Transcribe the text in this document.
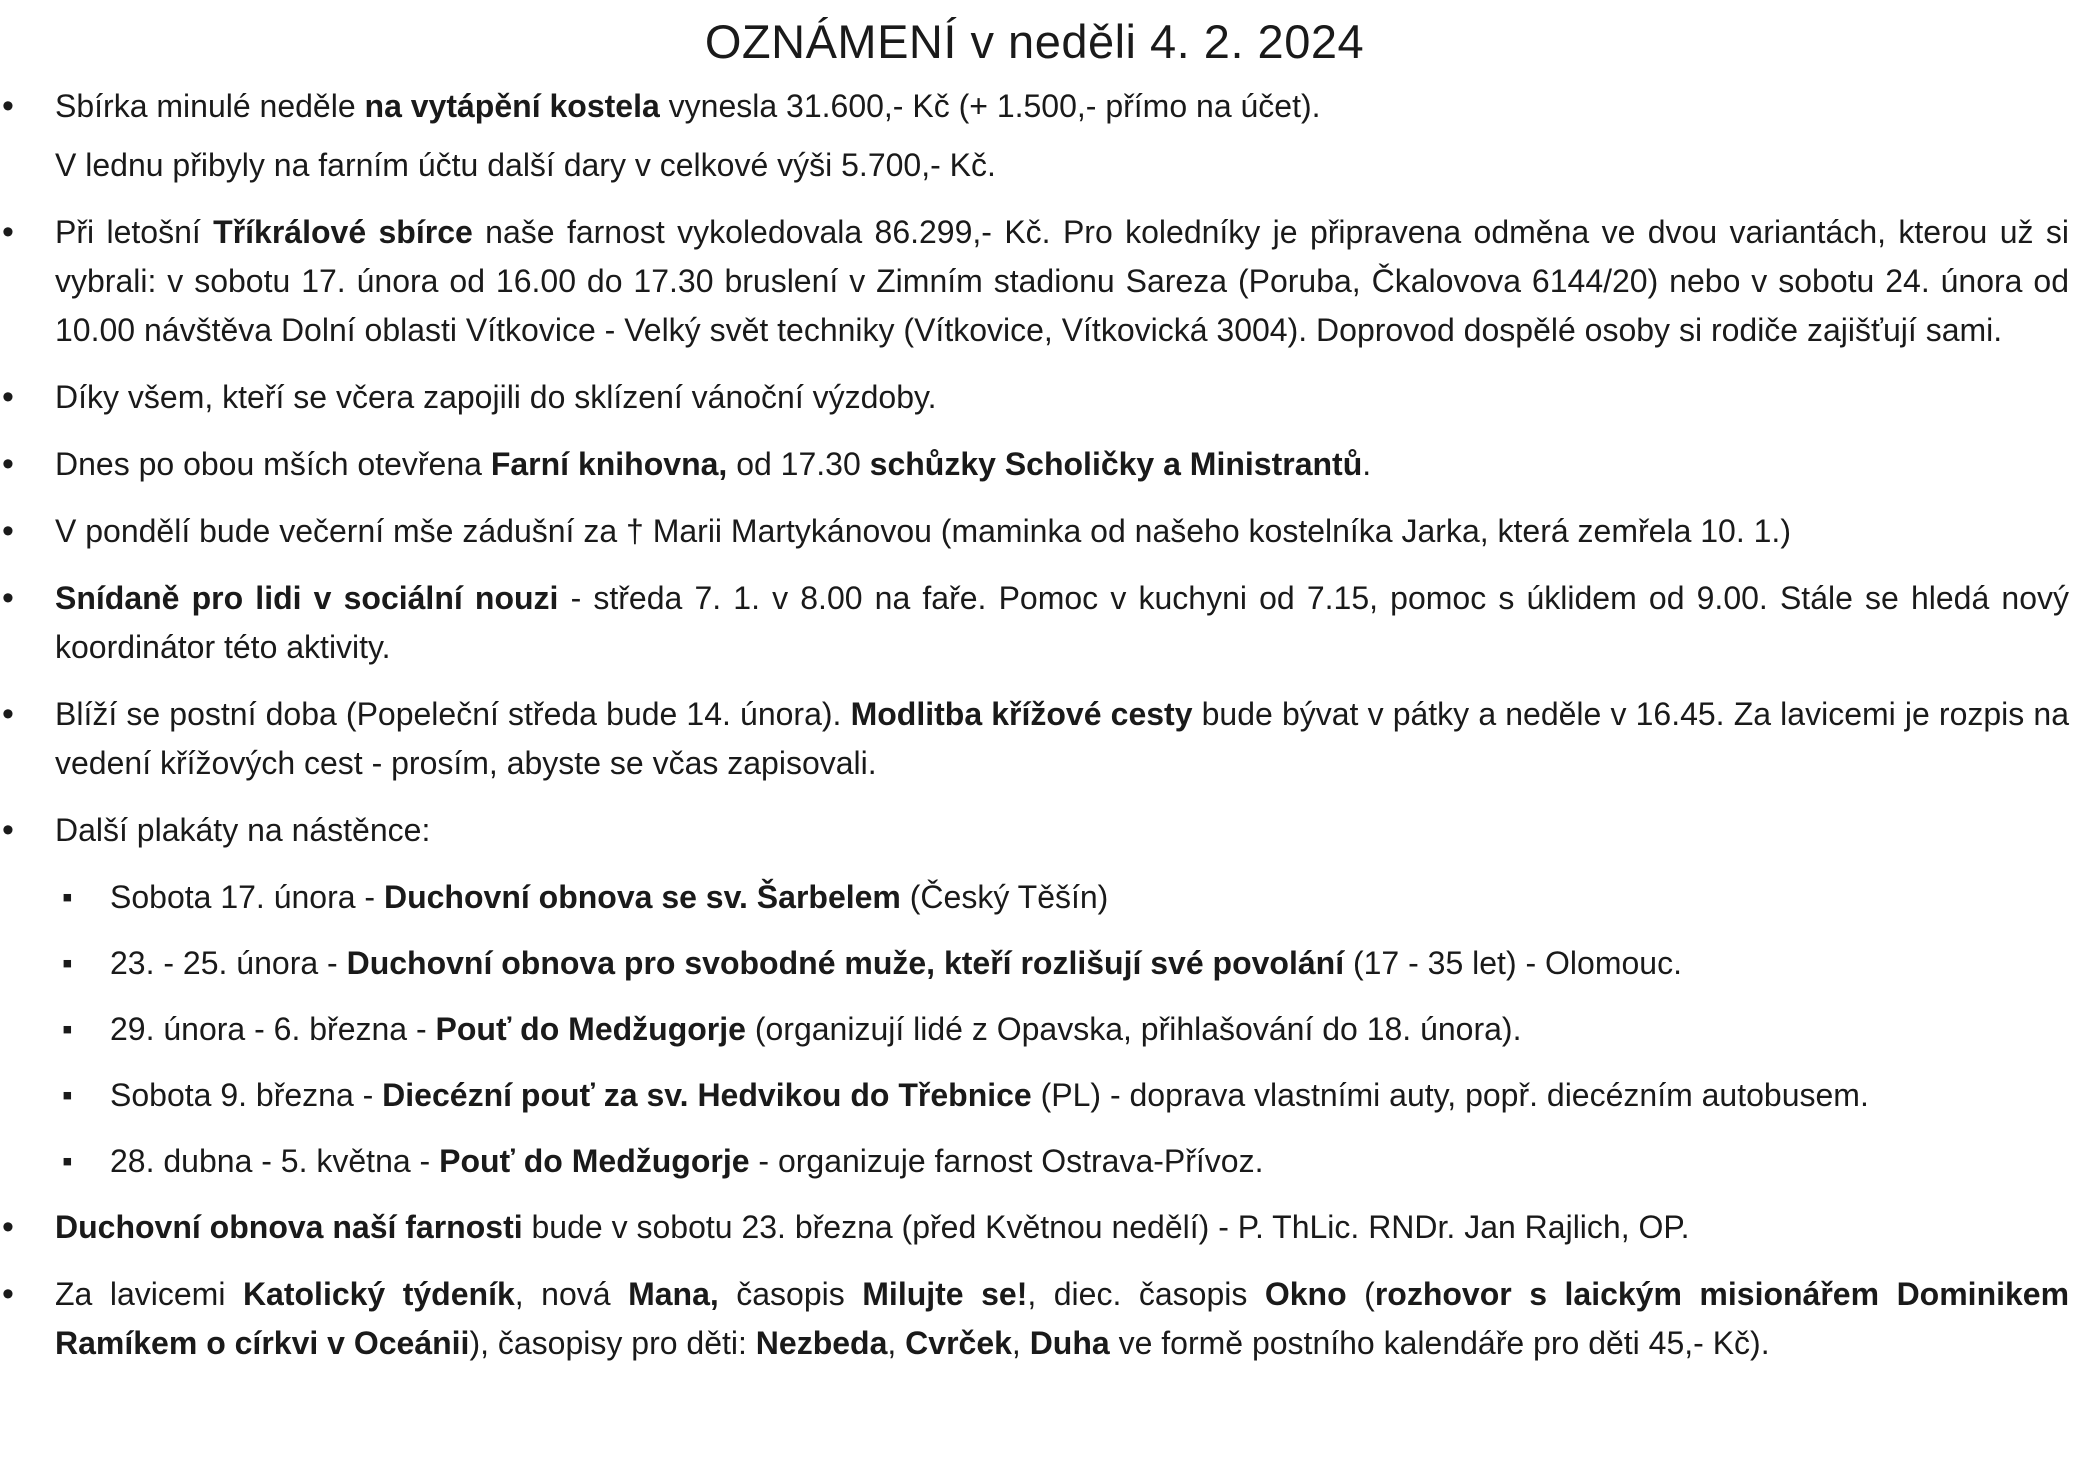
OZNÁMENÍ v neděli 4. 2. 2024
• Sbírka minulé neděle na vytápění kostela vynesla 31.600,- Kč (+ 1.500,- přímo na účet).
V lednu přibyly na farním účtu další dary v celkové výši 5.700,- Kč.
• Při letošní Tříkrálové sbírce naše farnost vykoledovala 86.299,- Kč. Pro koledníky je připravena odměna ve dvou variantách, kterou už si vybrali: v sobotu 17. února od 16.00 do 17.30 bruslení v Zimním stadionu Sareza (Poruba, Čkalovova 6144/20) nebo v sobotu 24. února od 10.00 návštěva Dolní oblasti Vítkovice - Velký svět techniky (Vítkovice, Vítkovická 3004). Doprovod dospělé osoby si rodiče zajišťují sami.
• Díky všem, kteří se včera zapojili do sklízení vánoční výzdoby.
• Dnes po obou mších otevřena Farní knihovna, od 17.30 schůzky Scholičky a Ministrantů.
• V pondělí bude večerní mše zádušní za † Marii Martykánovou (maminka od našeho kostelníka Jarka, která zemřela 10. 1.)
• Snídaně pro lidi v sociální nouzi - středa 7. 1. v 8.00 na faře. Pomoc v kuchyni od 7.15, pomoc s úklidem od 9.00. Stále se hledá nový koordinátor této aktivity.
• Blíží se postní doba (Popeleční středa bude 14. února). Modlitba křížové cesty bude bývat v pátky a neděle v 16.45. Za lavicemi je rozpis na vedení křížových cest - prosím, abyste se včas zapisovali.
• Další plakáty na nástěnce:
▪ Sobota 17. února - Duchovní obnova se sv. Šarbelem (Český Těšín)
▪ 23. - 25. února - Duchovní obnova pro svobodné muže, kteří rozlišují své povolání (17 - 35 let) - Olomouc.
▪ 29. února - 6. března - Pouť do Medžugorje (organizují lidé z Opavska, přihlašování do 18. února).
▪ Sobota 9. března - Diecézní pouť za sv. Hedvikou do Třebnice (PL) - doprava vlastními auty, popř. diecézním autobusem.
▪ 28. dubna - 5. května - Pouť do Medžugorje - organizuje farnost Ostrava-Přívoz.
• Duchovní obnova naší farnosti bude v sobotu 23. března (před Květnou nedělí) - P. ThLic. RNDr. Jan Rajlich, OP.
• Za lavicemi Katolický týdeník, nová Mana, časopis Milujte se!, diec. časopis Okno (rozhovor s laickým misionářem Dominikem Ramíkem o církvi v Oceánii), časopisy pro děti: Nezbeda, Cvrček, Duha ve formě postního kalendáře pro děti 45,- Kč).
